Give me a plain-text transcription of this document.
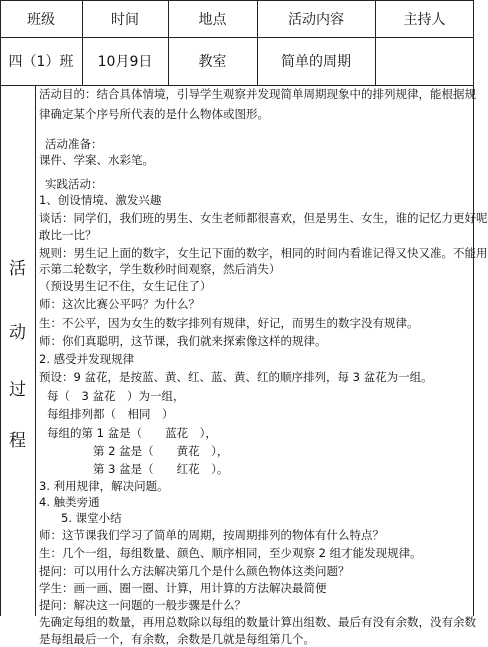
班级	时间	地点	活动内容	主持人
四（1）班	10月9日	教室	简单的周期
活
动
过
程
活动目的：结合具体情境，引导学生观察并发现简单周期现象中的排列规律，能根据规
律确定某个序号所代表的是什么物体或图形。
活动准备：
课件、学案、水彩笔。
实践活动：
1、创设情境、激发兴趣
谈话：同学们，我们班的男生、女生老师都很喜欢，但是男生、女生，谁的记忆力更好呢
敢比一比？
规则：男生记上面的数字，女生记下面的数字，相同的时间内看谁记得又快又准。不能用
示第二轮数字，学生数秒时间观察，然后消失）
（预设男生记不住，女生记住了）
师：这次比赛公平吗？为什么？
生：不公平，因为女生的数字排列有规律，好记，而男生的数字没有规律。
师：你们真聪明，这节课，我们就来探索像这样的规律。
2. 感受并发现规律
预设：9 盆花，是按蓝、黄、红、蓝、黄、红的顺序排列，每 3 盆花为一组。
每（　3 盆花　）为一组，
每组排列都（　相同　）
每组的第 1 盆是（　　蓝花　），
第 2 盆是（　　黄花　），
第 3 盆是（　　红花　）。
3. 利用规律，解决问题。
4. 触类旁通
5. 课堂小结
师：这节课我们学习了简单的周期，按周期排列的物体有什么特点？
生：几个一组，每组数量、颜色、顺序相同，至少观察 2 组才能发现规律。
提问：可以用什么方法解决第几个是什么颜色物体这类问题？
学生：画一画、圈一圈、计算，用计算的方法解决最简便
提问：解决这一问题的一般步骤是什么？
先确定每组的数量，再用总数除以每组的数量计算出组数、最后有没有余数，没有余数
是每组最后一个，有余数，余数是几就是每组第几个。
